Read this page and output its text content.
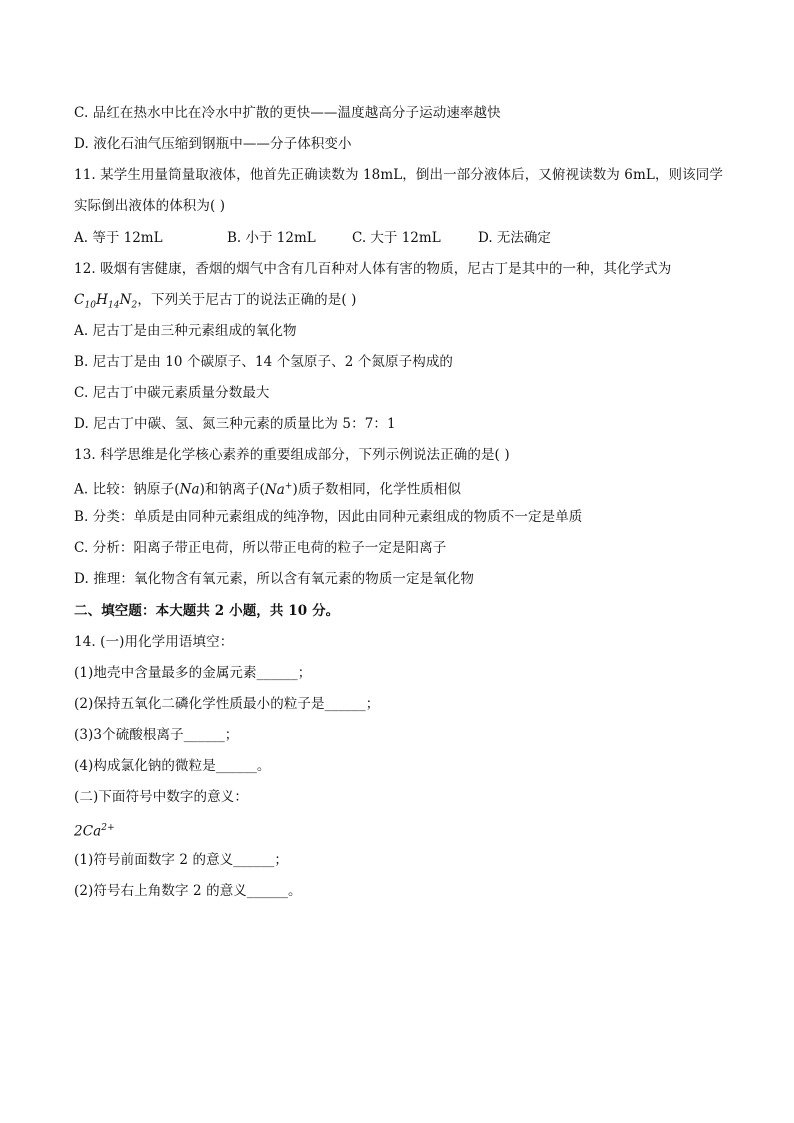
C. 品红在热水中比在冷水中扩散的更快——温度越高分子运动速率越快
D. 液化石油气压缩到钢瓶中——分子体积变小
11. 某学生用量筒量取液体，他首先正确读数为 18mL，倒出一部分液体后，又俯视读数为 6mL，则该同学
实际倒出液体的体积为( )
A. 等于 12mL	B. 小于 12mL	C. 大于 12mL	D. 无法确定
12. 吸烟有害健康，香烟的烟气中含有几百种对人体有害的物质，尼古丁是其中的一种，其化学式为
$C_{10}H_{14}N_2$，下列关于尼古丁的说法正确的是( )
A. 尼古丁是由三种元素组成的氧化物
B. 尼古丁是由 10 个碳原子、14 个氢原子、2 个氮原子构成的
C. 尼古丁中碳元素质量分数最大
D. 尼古丁中碳、氢、氮三种元素的质量比为 5：7：1
13. 科学思维是化学核心素养的重要组成部分，下列示例说法正确的是( )
A. 比较：钠原子(Na)和钠离子(Na+)质子数相同，化学性质相似
B. 分类：单质是由同种元素组成的纯净物，因此由同种元素组成的物质不一定是单质
C. 分析：阳离子带正电荷，所以带正电荷的粒子一定是阳离子
D. 推理：氧化物含有氧元素，所以含有氧元素的物质一定是氧化物
二、填空题：本大题共 2 小题，共 10 分。
14. (一)用化学用语填空：
(1)地壳中含量最多的金属元素______；
(2)保持五氧化二磷化学性质最小的粒子是______；
(3)3个硫酸根离子______；
(4)构成氯化钠的微粒是______。
(二)下面符号中数字的意义：
$2Ca^{2+}$
(1)符号前面数字 2 的意义______；
(2)符号右上角数字 2 的意义______。
